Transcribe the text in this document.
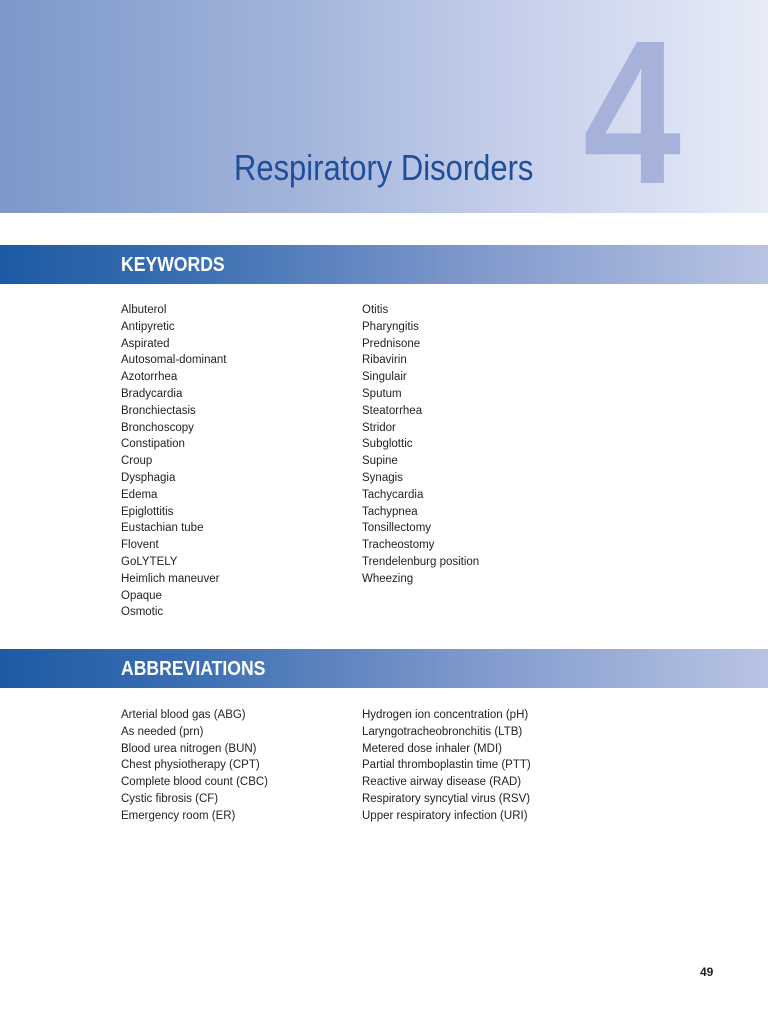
4
Respiratory Disorders
KEYWORDS
Albuterol
Antipyretic
Aspirated
Autosomal-dominant
Azotorrhea
Bradycardia
Bronchiectasis
Bronchoscopy
Constipation
Croup
Dysphagia
Edema
Epiglottitis
Eustachian tube
Flovent
GoLYTELY
Heimlich maneuver
Opaque
Osmotic
Otitis
Pharyngitis
Prednisone
Ribavirin
Singulair
Sputum
Steatorrhea
Stridor
Subglottic
Supine
Synagis
Tachycardia
Tachypnea
Tonsillectomy
Tracheostomy
Trendelenburg position
Wheezing
ABBREVIATIONS
Arterial blood gas (ABG)
As needed (prn)
Blood urea nitrogen (BUN)
Chest physiotherapy (CPT)
Complete blood count (CBC)
Cystic fibrosis (CF)
Emergency room (ER)
Hydrogen ion concentration (pH)
Laryngotracheobronchitis (LTB)
Metered dose inhaler (MDI)
Partial thromboplastin time (PTT)
Reactive airway disease (RAD)
Respiratory syncytial virus (RSV)
Upper respiratory infection (URI)
49
